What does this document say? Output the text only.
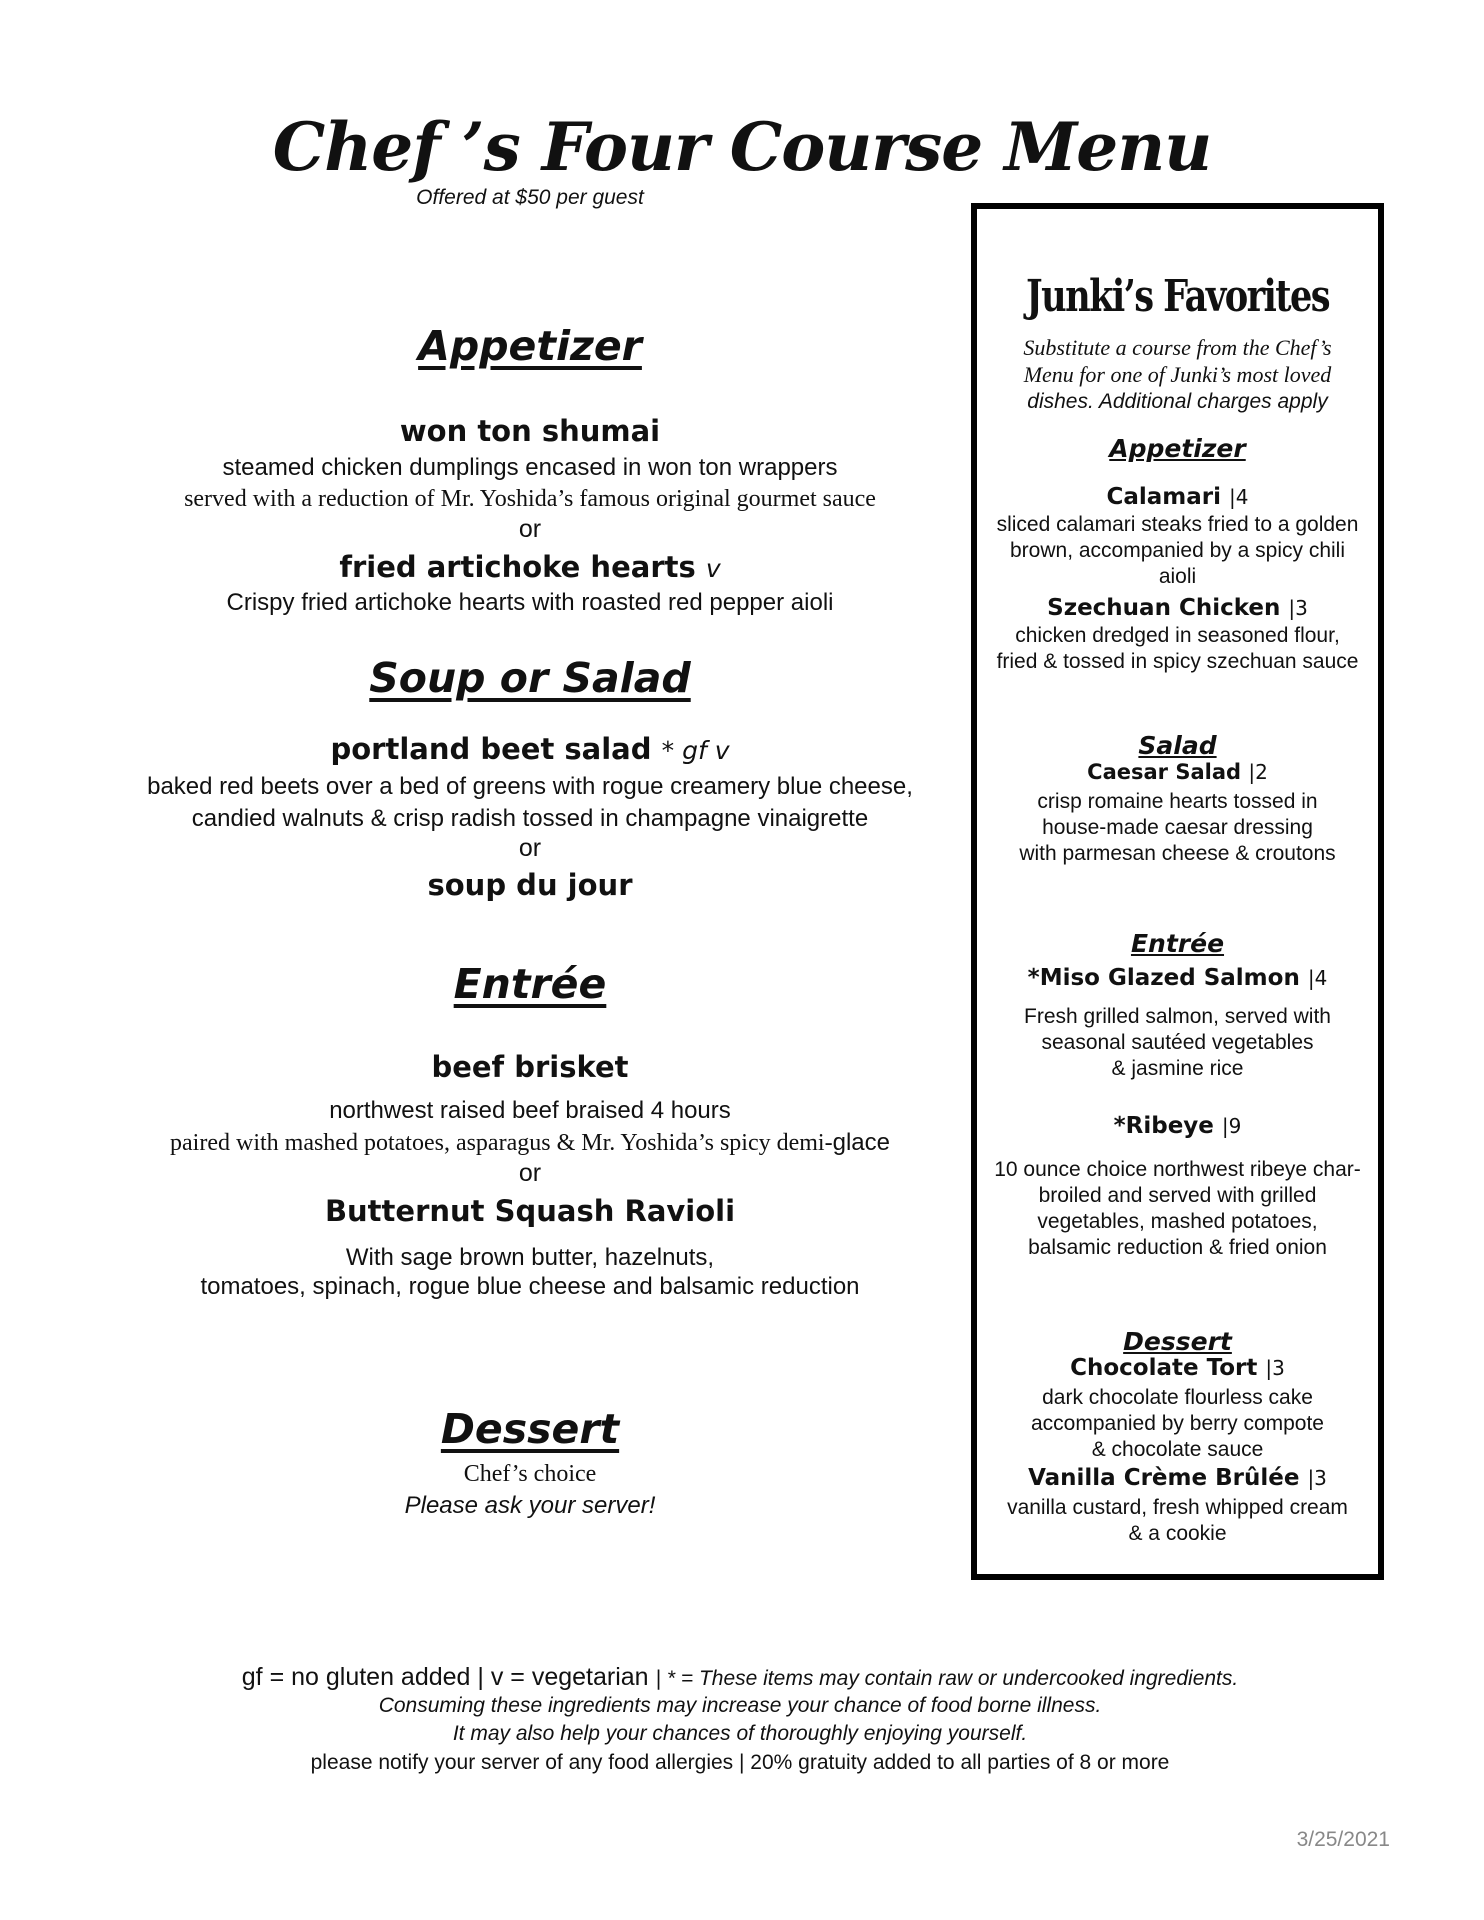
Chef ’s Four Course Menu
Offered at $50 per guest
Appetizer
won ton shumai
steamed chicken dumplings encased in won ton wrappers
served with a reduction of Mr. Yoshida’s famous original gourmet sauce
or
fried artichoke hearts v
Crispy fried artichoke hearts with roasted red pepper aioli
Soup or Salad
portland beet salad * gf v
baked red beets over a bed of greens with rogue creamery blue cheese,
candied walnuts & crisp radish tossed in champagne vinaigrette
or
soup du jour
Entrée
beef brisket
northwest raised beef braised 4 hours
paired with mashed potatoes, asparagus & Mr. Yoshida’s spicy demi-glace
or
Butternut Squash Ravioli
With sage brown butter, hazelnuts,
tomatoes, spinach, rogue blue cheese and balsamic reduction
Dessert
Chef’s choice
Please ask your server!
Junki’s Favorites
Substitute a course from the Chef’s
Menu for one of Junki’s most loved
dishes. Additional charges apply
Appetizer
Calamari |4
sliced calamari steaks fried to a golden
brown, accompanied by a spicy chili
aioli
Szechuan Chicken |3
chicken dredged in seasoned flour,
fried & tossed in spicy szechuan sauce
Salad
Caesar Salad |2
crisp romaine hearts tossed in
house-made caesar dressing
with parmesan cheese & croutons
Entrée
*Miso Glazed Salmon |4
Fresh grilled salmon, served with
seasonal sautéed vegetables
& jasmine rice
*Ribeye |9
10 ounce choice northwest ribeye char-
broiled and served with grilled
vegetables, mashed potatoes,
balsamic reduction & fried onion
Dessert
Chocolate Tort |3
dark chocolate flourless cake
accompanied by berry compote
& chocolate sauce
Vanilla Crème Brûlée |3
vanilla custard, fresh whipped cream
& a cookie
gf = no gluten added | v = vegetarian | * = These items may contain raw or undercooked ingredients.
Consuming these ingredients may increase your chance of food borne illness.
It may also help your chances of thoroughly enjoying yourself.
please notify your server of any food allergies | 20% gratuity added to all parties of 8 or more
3/25/2021
